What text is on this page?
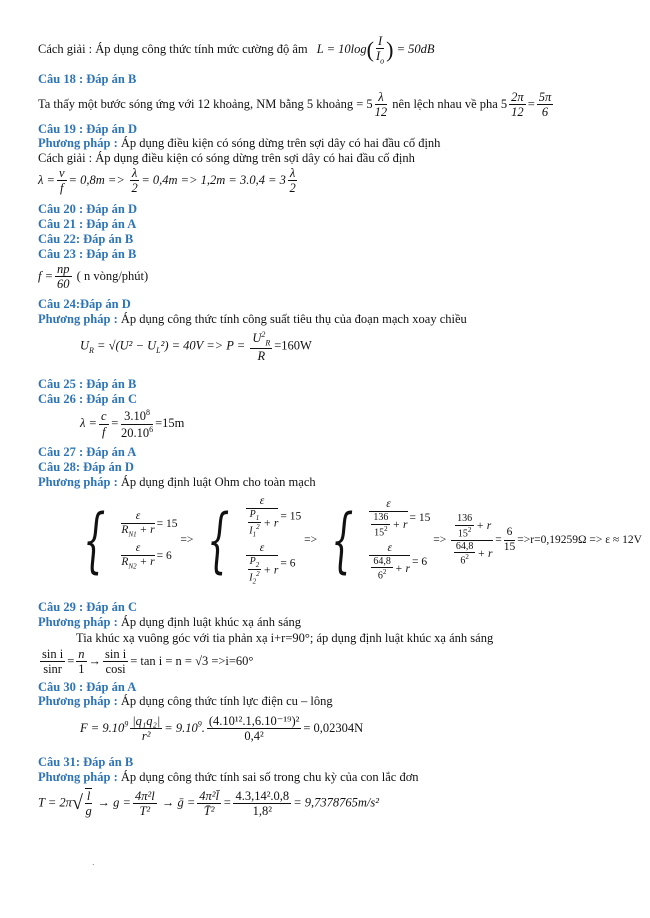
Cách giải : Áp dụng công thức tính mức cường độ âm $L = 10\log( \frac{I}{I_o}$ ) = 50dB
Câu 18 : Đáp án B
Ta thấy một bước sóng ứng với 12 khoảng, NM bằng 5 khoảng = $5 \frac{\lambda}{12}$ nên lệch nhau về pha $5 \frac{2\pi}{12} = \frac{5\pi}{6}$
Câu 19 : Đáp án D
Phương pháp : Áp dụng điều kiện có sóng dừng trên sợi dây có hai đầu cố định
Cách giải : Áp dụng điều kiện có sóng dừng trên sợi dây có hai đầu cố định
$\lambda = \frac{v}{f} = 0,8m => \frac{\lambda}{2} = 0,4m => 1,2m = 3.0,4 = 3 \frac{\lambda}{2}$
Câu 20 : Đáp án D
Câu 21 : Đáp án A
Câu 22: Đáp án B
Câu 23 : Đáp án B
$f = \frac{np}{60}$ ( n vòng/phút)
Câu 24:Đáp án D
Phương pháp : Áp dụng công thức tính công suất tiêu thụ của đoạn mạch xoay chiều
$U_R = √(U^2 - U_L^2) = 40V => P = \frac{U^2_R}{R} =160W$
Câu 25 : Đáp án B
Câu 26 : Đáp án C
$\lambda = \frac{c}{f} = \frac{3.10^8}{20.10^6} =15m$
Câu 27 : Đáp án A
Câu 28: Đáp án D
Phương pháp : Áp dụng định luật Ohm cho toàn mạch
{ $\frac{\varepsilon}{R_{N1} + r} = 15$
$\frac{\varepsilon}{R_{N2} + r} = 6$
=> { $\frac{\varepsilon}{\frac{P_1}{I_1^2} + r} = 15$
$\frac{\varepsilon}{\frac{P_2}{I_2^2} + r} = 6$
=> { $\frac{\varepsilon}{\frac{136}{15^2} + r} = 15$
$\frac{\varepsilon}{\frac{64,8}{6^2} + r} = 6$
=> $\frac{\frac{136}{15^2} + r}{\frac{64,8}{6^2} + r} = \frac{6}{15} =>r=0,19259\Omega => \varepsilon \approx 12V$
Câu 29 : Đáp án C
Phương pháp : Áp dụng định luật khúc xạ ánh sáng
Tia khúc xạ vuông góc với tia phản xạ i+r=90°; áp dụng định luật khúc xạ ánh sáng
$\frac{\text{sin i}}{\sin r} = \frac{n}{1} \to \frac{\text{sin i}}{\cos i} = \tan i = n = √3 =>i=60^\circ$
Câu 30 : Đáp án A
Phương pháp : Áp dụng công thức tính lực điện cu – lông
$F = 9.10^9 \frac{\text{|q₁q₂|}}{\text{r²}} = 9.10^9$. $\frac{\text{(4.10¹².1,6.10⁻¹⁹)²}}{\text{0,4²}} = 0,02304N$
Câu 31: Đáp án B
Phương pháp : Áp dụng công thức tính sai số trong chu kỳ của con lắc đơn
$T = 2\pi√ \frac{l}{g} \to g = \frac{\text{4π²l}}{\text{T²}}$ → ḡ = $\frac{\text{4π²l̄}}{\text{T̄²}} = \frac{\text{4.3,14².0,8}}{\text{1,8²}} = 9,7378765m/s^2$
.
